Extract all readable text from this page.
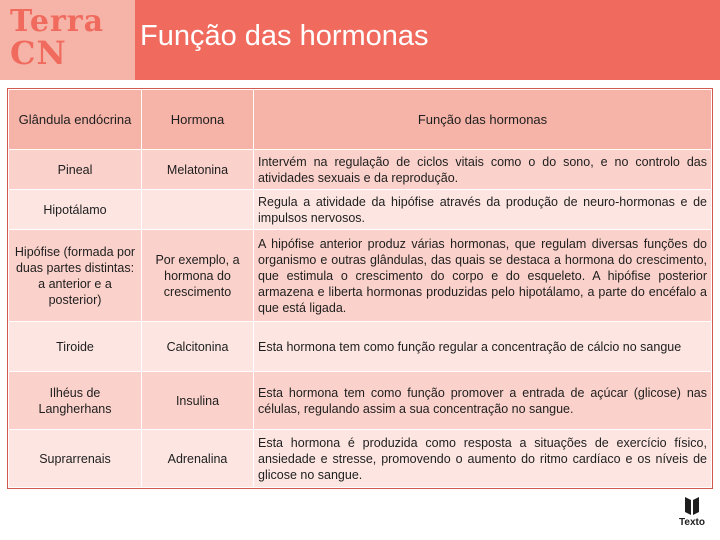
Terra
CN	Função das hormonas
Glândula endócrina	Hormona	Função das hormonas
Pineal	Melatonina	Intervém na regulação de ciclos vitais como o do sono, e no controlo das atividades sexuais e da reprodução.
Hipotálamo		Regula a atividade da hipófise através da produção de neuro-hormonas e de impulsos nervosos.
Hipófise (formada por duas partes distintas: a anterior e a posterior)	Por exemplo, a hormona do crescimento	A hipófise anterior produz várias hormonas, que regulam diversas funções do organismo e outras glândulas, das quais se destaca a hormona do crescimento, que estimula o crescimento do corpo e do esqueleto. A hipófise posterior armazena e liberta hormonas produzidas pelo hipotálamo, a parte do encéfalo a que está ligada.
Tiroide	Calcitonina	Esta hormona tem como função regular a concentração de cálcio no sangue
Ilhéus de Langherhans	Insulina	Esta hormona tem como função promover a entrada de açúcar (glicose) nas células, regulando assim a sua concentração no sangue.
Suprarrenais	Adrenalina	Esta hormona é produzida como resposta a situações de exercício físico, ansiedade e stresse, promovendo o aumento do ritmo cardíaco e os níveis de glicose no sangue.
Texto
